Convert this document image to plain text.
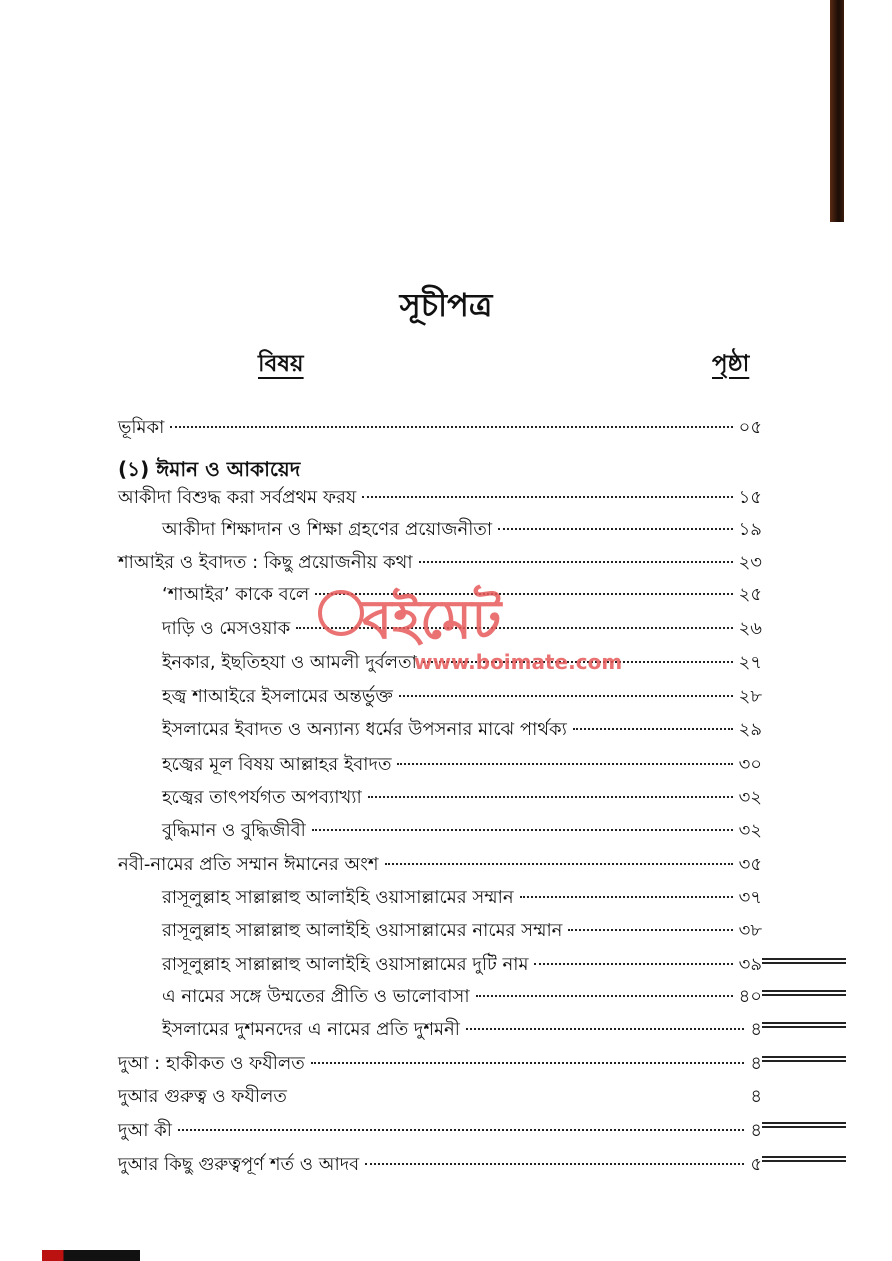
সূচীপত্র
বিষয়	পৃষ্ঠা
ভূমিকা	০৫
(১) ঈমান ও আকায়েদ
আকীদা বিশুদ্ধ করা সর্বপ্রথম ফরয	১৫
আকীদা শিক্ষাদান ও শিক্ষা গ্রহণের প্রয়োজনীতা	১৯
শাআইর ও ইবাদত : কিছু প্রয়োজনীয় কথা	২৩
‘শাআইর’ কাকে বলে	২৫
দাড়ি ও মেসওয়াক	২৬
ইনকার, ইছতিহযা ও আমলী দুর্বলতা	২৭
হজ্ব শাআইরে ইসলামের অন্তর্ভুক্ত	২৮
ইসলামের ইবাদত ও অন্যান্য ধর্মের উপসনার মাঝে পার্থক্য	২৯
হজ্বের মূল বিষয় আল্লাহর ইবাদত	৩০
হজ্বের তাৎপর্যগত অপব্যাখ্যা	৩২
বুদ্ধিমান ও বুদ্ধিজীবী	৩২
নবী-নামের প্রতি সম্মান ঈমানের অংশ	৩৫
রাসূলুল্লাহ সাল্লাল্লাহু আলাইহি ওয়াসাল্লামের সম্মান	৩৭
রাসূলুল্লাহ সাল্লাল্লাহু আলাইহি ওয়াসাল্লামের নামের সম্মান	৩৮
রাসূলুল্লাহ সাল্লাল্লাহু আলাইহি ওয়াসাল্লামের দুটি নাম	৩৯
এ নামের সঙ্গে উম্মতের প্রীতি ও ভালোবাসা	৪০
ইসলামের দুশমনদের এ নামের প্রতি দুশমনী	৪
দুআ : হাকীকত ও ফযীলত	৪
দুআর গুরুত্ব ও ফযীলত	৪
দুআ কী	৪
দুআর কিছু গুরুত্বপূর্ণ শর্ত ও আদব	৫
বইমেট
www.boimate.com
